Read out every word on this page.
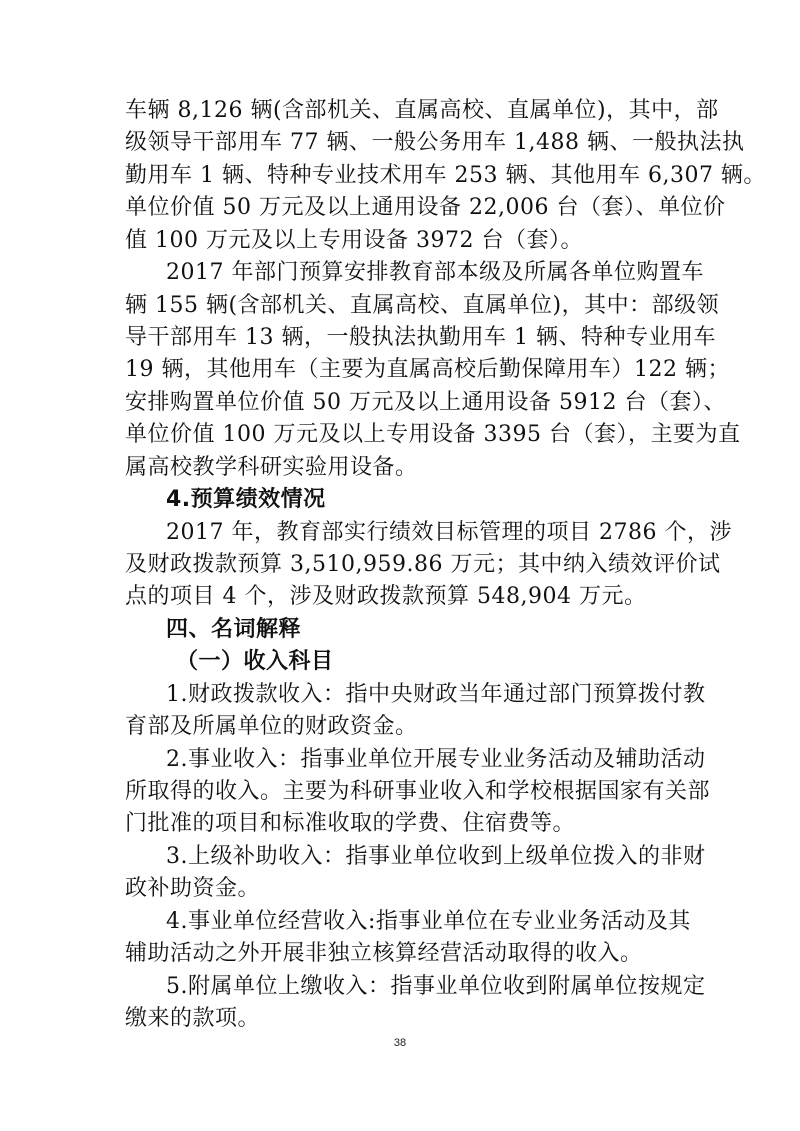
车辆 8,126 辆(含部机关、直属高校、直属单位)，其中，部
级领导干部用车 77 辆、一般公务用车 1,488 辆、一般执法执
勤用车 1 辆、特种专业技术用车 253 辆、其他用车 6,307 辆。
单位价值 50 万元及以上通用设备 22,006 台（套）、单位价
值 100 万元及以上专用设备 3972 台（套）。
2017 年部门预算安排教育部本级及所属各单位购置车
辆 155 辆(含部机关、直属高校、直属单位)，其中：部级领
导干部用车 13 辆，一般执法执勤用车 1 辆、特种专业用车
19 辆，其他用车（主要为直属高校后勤保障用车）122 辆；
安排购置单位价值 50 万元及以上通用设备 5912 台（套）、
单位价值 100 万元及以上专用设备 3395 台（套），主要为直
属高校教学科研实验用设备。
4.预算绩效情况
2017 年，教育部实行绩效目标管理的项目 2786 个，涉
及财政拨款预算 3,510,959.86 万元；其中纳入绩效评价试
点的项目 4 个，涉及财政拨款预算 548,904 万元。
四、名词解释
（一）收入科目
1.财政拨款收入：指中央财政当年通过部门预算拨付教
育部及所属单位的财政资金。
2.事业收入：指事业单位开展专业业务活动及辅助活动
所取得的收入。主要为科研事业收入和学校根据国家有关部
门批准的项目和标准收取的学费、住宿费等。
3.上级补助收入：指事业单位收到上级单位拨入的非财
政补助资金。
4.事业单位经营收入:指事业单位在专业业务活动及其
辅助活动之外开展非独立核算经营活动取得的收入。
5.附属单位上缴收入：指事业单位收到附属单位按规定
缴来的款项。
38
